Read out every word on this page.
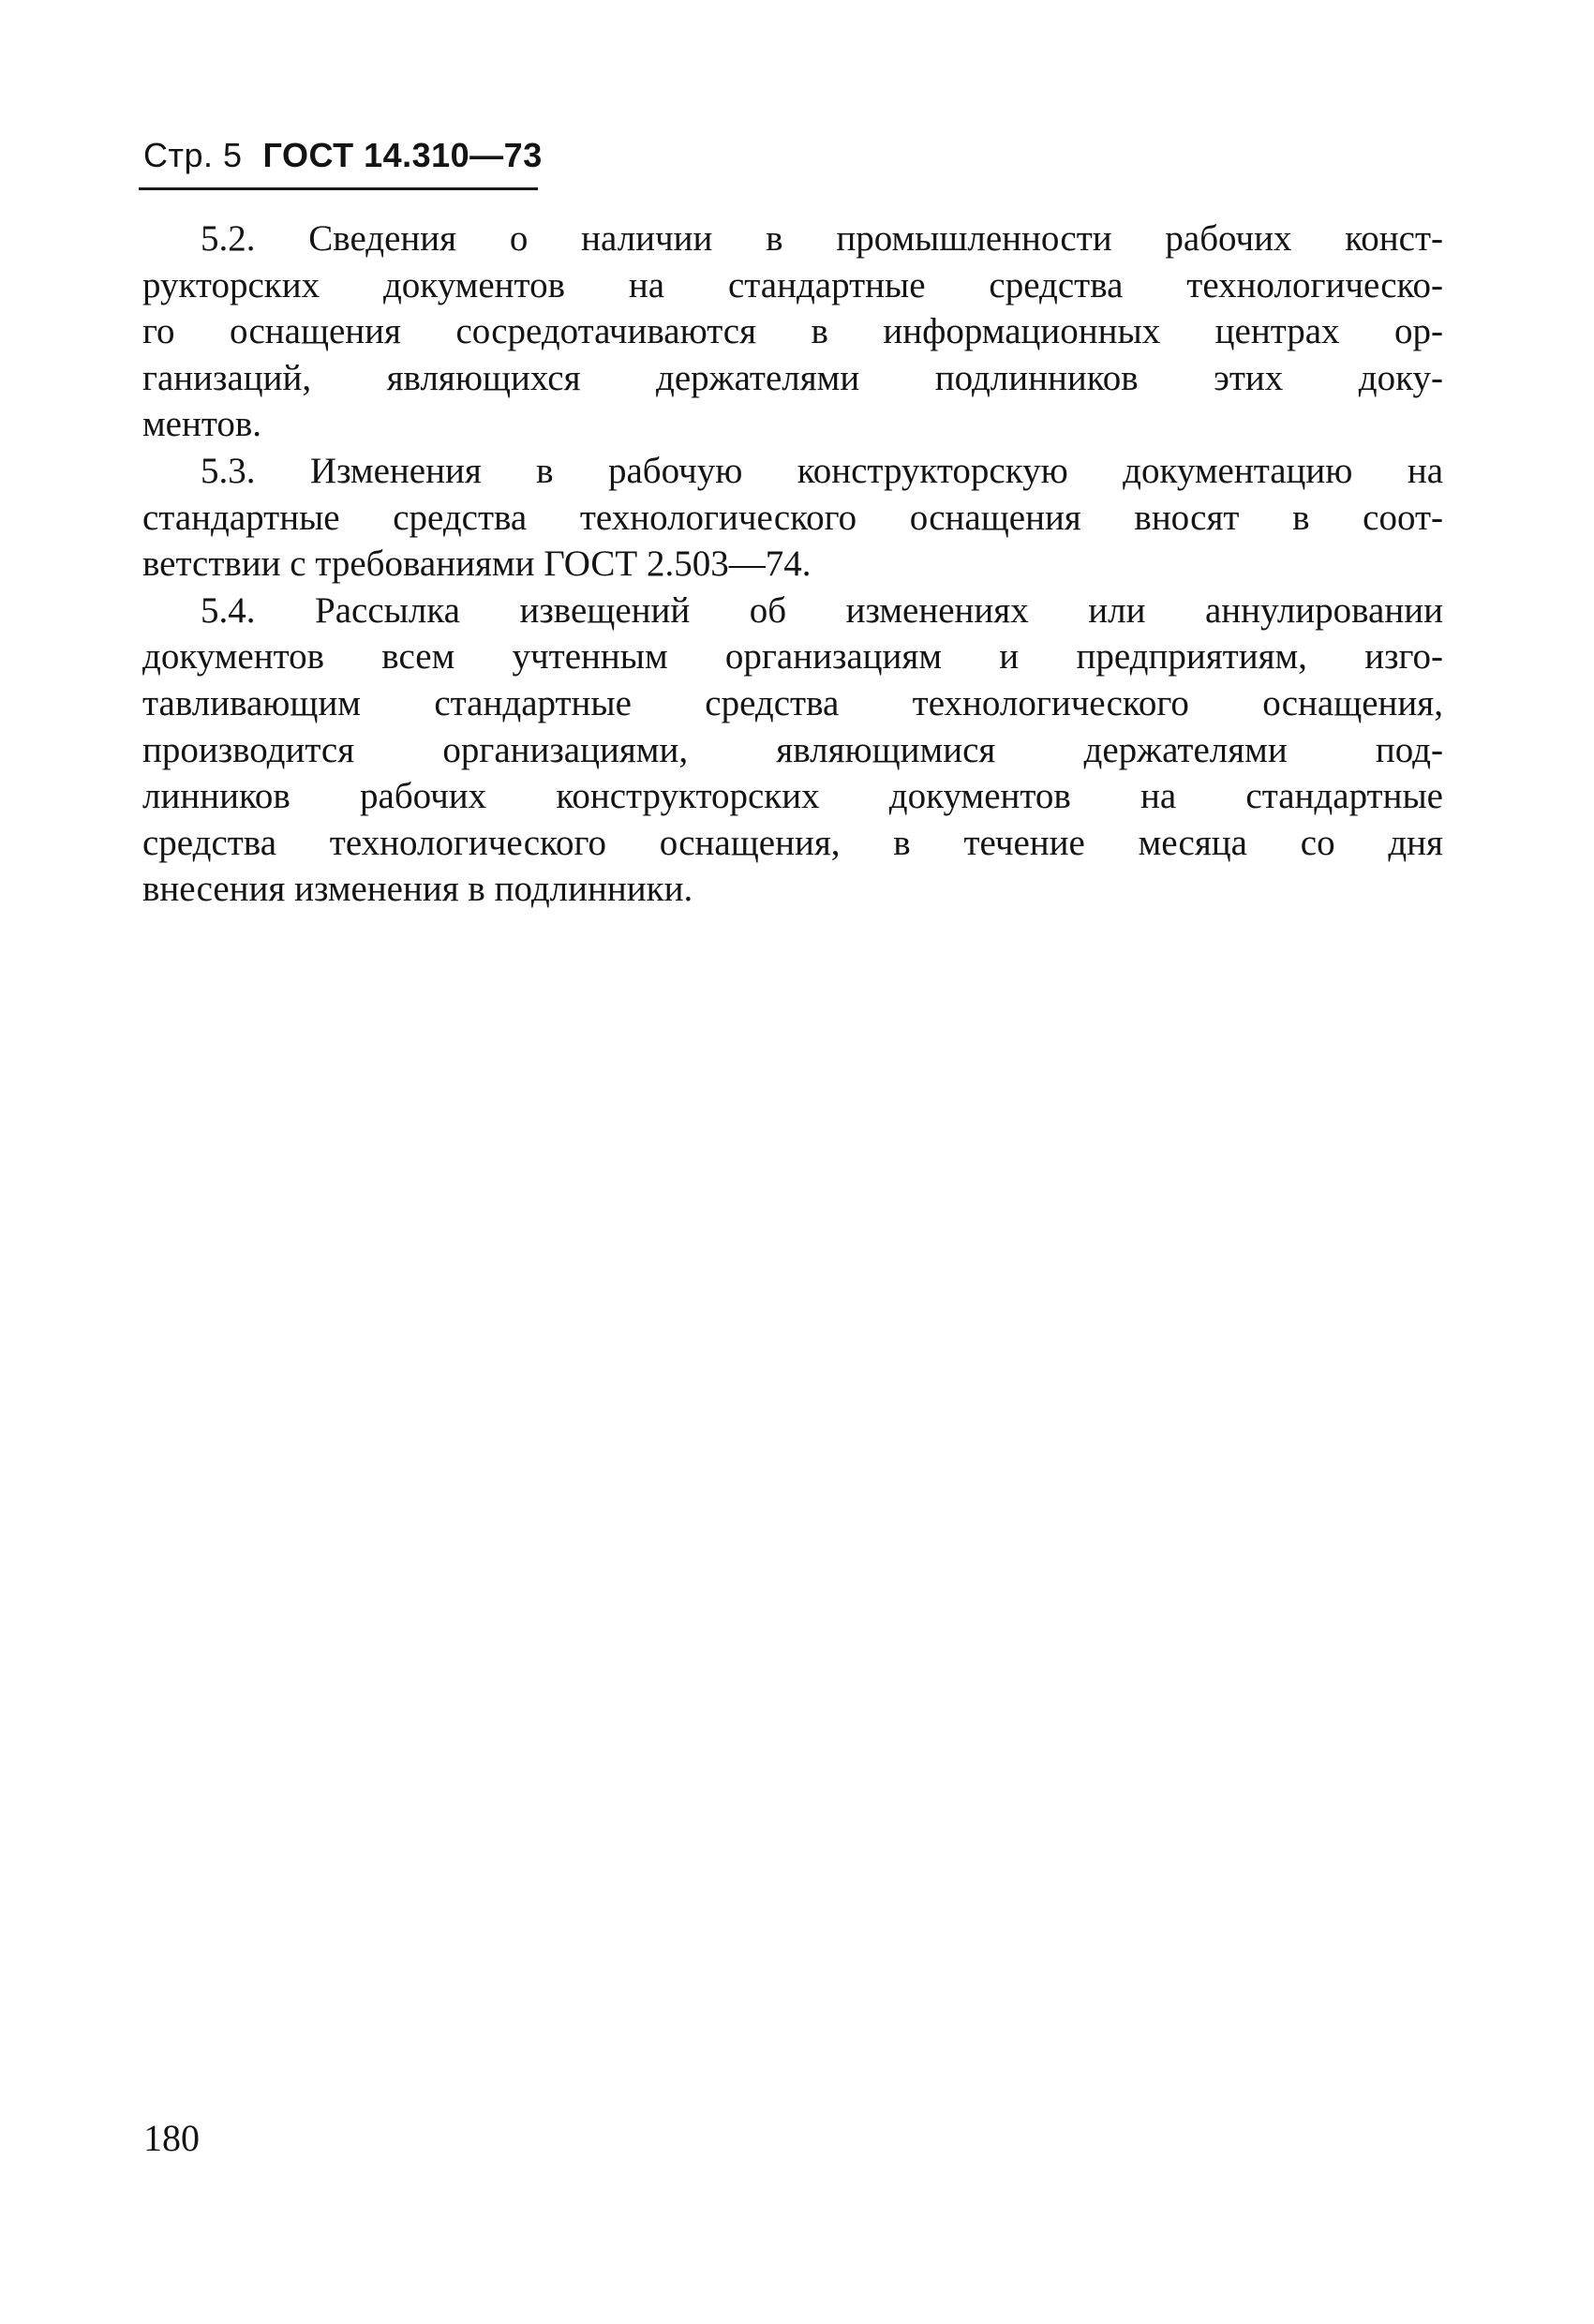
Стр. 5 ГОСТ 14.310—73
5.2. Сведения о наличии в промышленности рабочих конст-
рукторских документов на стандартные средства технологическо-
го оснащения сосредотачиваются в информационных центрах ор-
ганизаций, являющихся держателями подлинников этих доку-
ментов.
5.3. Изменения в рабочую конструкторскую документацию на
стандартные средства технологического оснащения вносят в соот-
ветствии с требованиями ГОСТ 2.503—74.
5.4. Рассылка извещений об изменениях или аннулировании
документов всем учтенным организациям и предприятиям, изго-
тавливающим стандартные средства технологического оснащения,
производится организациями, являющимися держателями под-
линников рабочих конструкторских документов на стандартные
средства технологического оснащения, в течение месяца со дня
внесения изменения в подлинники.
180
